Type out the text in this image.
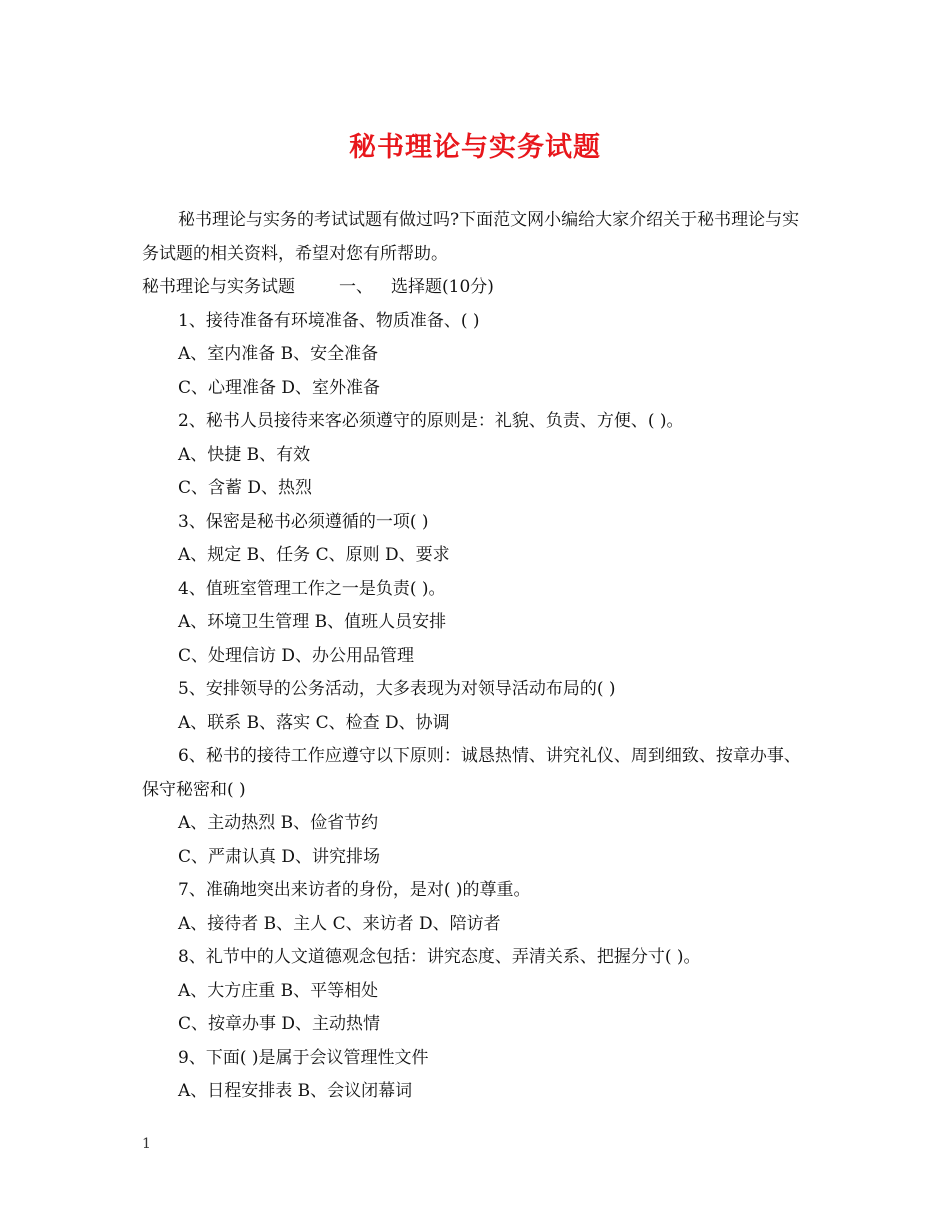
秘书理论与实务试题

秘书理论与实务的考试试题有做过吗?下面范文网小编给大家介绍关于秘书理论与实务试题的相关资料，希望对您有所帮助。

秘书理论与实务试题	一、 选择题(10分)

1、接待准备有环境准备、物质准备、( )

A、室内准备 B、安全准备

C、心理准备 D、室外准备

2、秘书人员接待来客必须遵守的原则是：礼貌、负责、方便、( )。

A、快捷 B、有效

C、含蓄 D、热烈

3、保密是秘书必须遵循的一项( )

A、规定 B、任务 C、原则 D、要求

4、值班室管理工作之一是负责( )。

A、环境卫生管理 B、值班人员安排

C、处理信访 D、办公用品管理

5、安排领导的公务活动，大多表现为对领导活动布局的( )

A、联系 B、落实 C、检查 D、协调

6、秘书的接待工作应遵守以下原则：诚恳热情、讲究礼仪、周到细致、按章办事、保守秘密和( )

A、主动热烈 B、俭省节约

C、严肃认真 D、讲究排场

7、准确地突出来访者的身份，是对( )的尊重。

A、接待者 B、主人 C、来访者 D、陪访者

8、礼节中的人文道德观念包括：讲究态度、弄清关系、把握分寸( )。

A、大方庄重 B、平等相处

C、按章办事 D、主动热情

9、下面( )是属于会议管理性文件

A、日程安排表 B、会议闭幕词

1
